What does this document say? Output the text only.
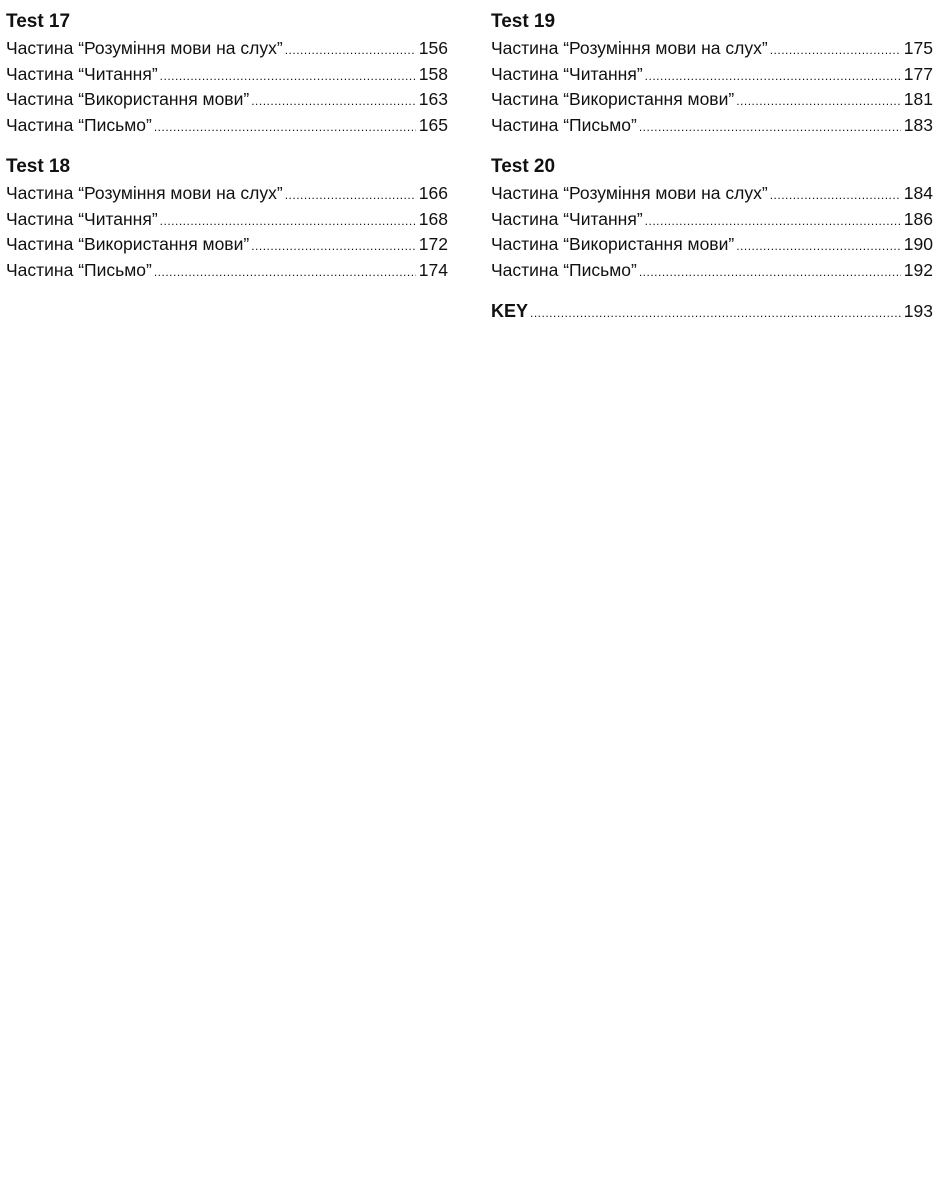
Test 17
Частина “Розуміння мови на слух” .....	156
Частина “Читання” .....	158
Частина “Використання мови” .....	163
Частина “Письмо” .....	165
Test 18
Частина “Розуміння мови на слух” .....	166
Частина “Читання” .....	168
Частина “Використання мови” .....	172
Частина “Письмо” .....	174
Test 19
Частина “Розуміння мови на слух” .....	175
Частина “Читання” .....	177
Частина “Використання мови” .....	181
Частина “Письмо” .....	183
Test 20
Частина “Розуміння мови на слух” .....	184
Частина “Читання” .....	186
Частина “Використання мови” .....	190
Частина “Письмо” .....	192
KEY .....	193
